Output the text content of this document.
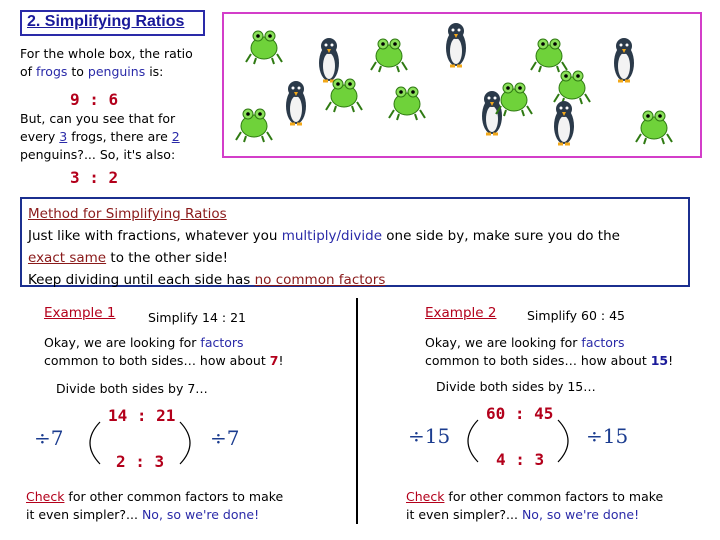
2. Simplifying Ratios
For the whole box, the ratio
of frogs to penguins is:
9 : 6
But, can you see that for
every 3 frogs, there are 2
penguins?... So, it's also:
3 : 2
Method for Simplifying Ratios
Just like with fractions, whatever you multiply/divide one side by, make sure you do the
exact same to the other side!
Keep dividing until each side has no common factors
Example 1	Simplify 14 : 21
Okay, we are looking for factors
common to both sides… how about 7!
Divide both sides by 7…
14 : 21
÷7	÷7
2 : 3
Check for other common factors to make
it even simpler?... No, so we're done!
Example 2 Simplify 60 : 45
Okay, we are looking for factors
common to both sides… how about 15!
Divide both sides by 15…
60 : 45
÷15	÷15
4 : 3
Check for other common factors to make
it even simpler?... No, so we're done!
